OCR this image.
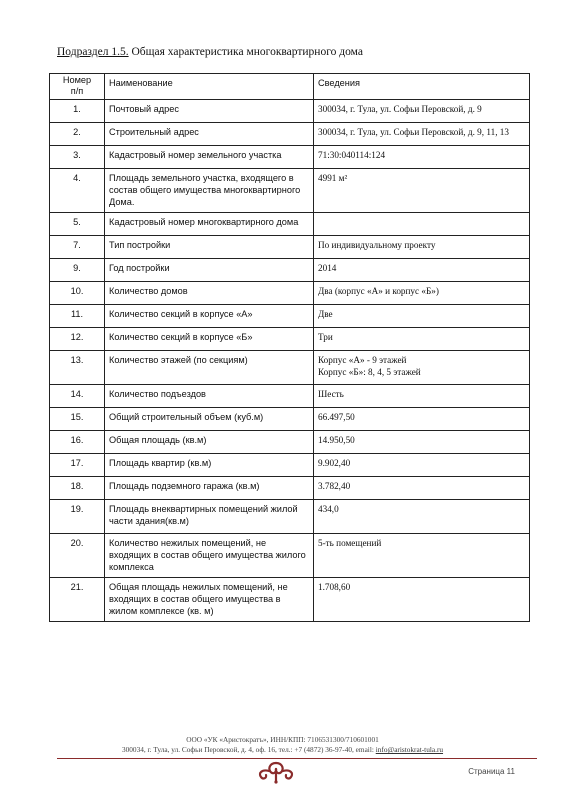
Подраздел 1.5. Общая характеристика многоквартирного дома
Номер
п/п	Наименование	Сведения
1.	Почтовый адрес	300034, г. Тула, ул. Софьи Перовской, д. 9
2.	Строительный адрес	300034, г. Тула, ул. Софьи Перовской, д. 9, 11, 13
3.	Кадастровый номер земельного участка	71:30:040114:124
4.	Площадь земельного участка, входящего в состав общего имущества многоквартирного Дома.	4991 м²
5.	Кадастровый номер многоквартирного дома	
7.	Тип постройки	По индивидуальному проекту
9.	Год постройки	2014
10.	Количество домов	Два (корпус «А» и корпус «Б»)
11.	Количество секций в корпусе «А»	Две
12.	Количество секций в корпусе «Б»	Три
13.	Количество этажей (по секциям)	Корпус «А» - 9 этажей
Корпус «Б»: 8, 4, 5 этажей
14.	Количество подъездов	Шесть
15.	Общий строительный объем (куб.м)	66.497,50
16.	Общая площадь (кв.м)	14.950,50
17.	Площадь квартир (кв.м)	9.902,40
18.	Площадь подземного гаража (кв.м)	3.782,40
19.	Площадь внеквартирных помещений жилой части здания(кв.м)	434,0
20.	Количество нежилых помещений, не входящих в состав общего имущества жилого комплекса	5-ть помещений
21.	Общая площадь нежилых помещений, не входящих в состав общего имущества в жилом комплексе (кв. м)	1.708,60
ООО «УК «Аристократъ», ИНН/КПП: 7106531300/710601001
300034, г. Тула, ул. Софьи Перовской, д. 4, оф. 16, тел.: +7 (4872) 36-97-40, email: info@aristokrat-tula.ru
Страница 11
